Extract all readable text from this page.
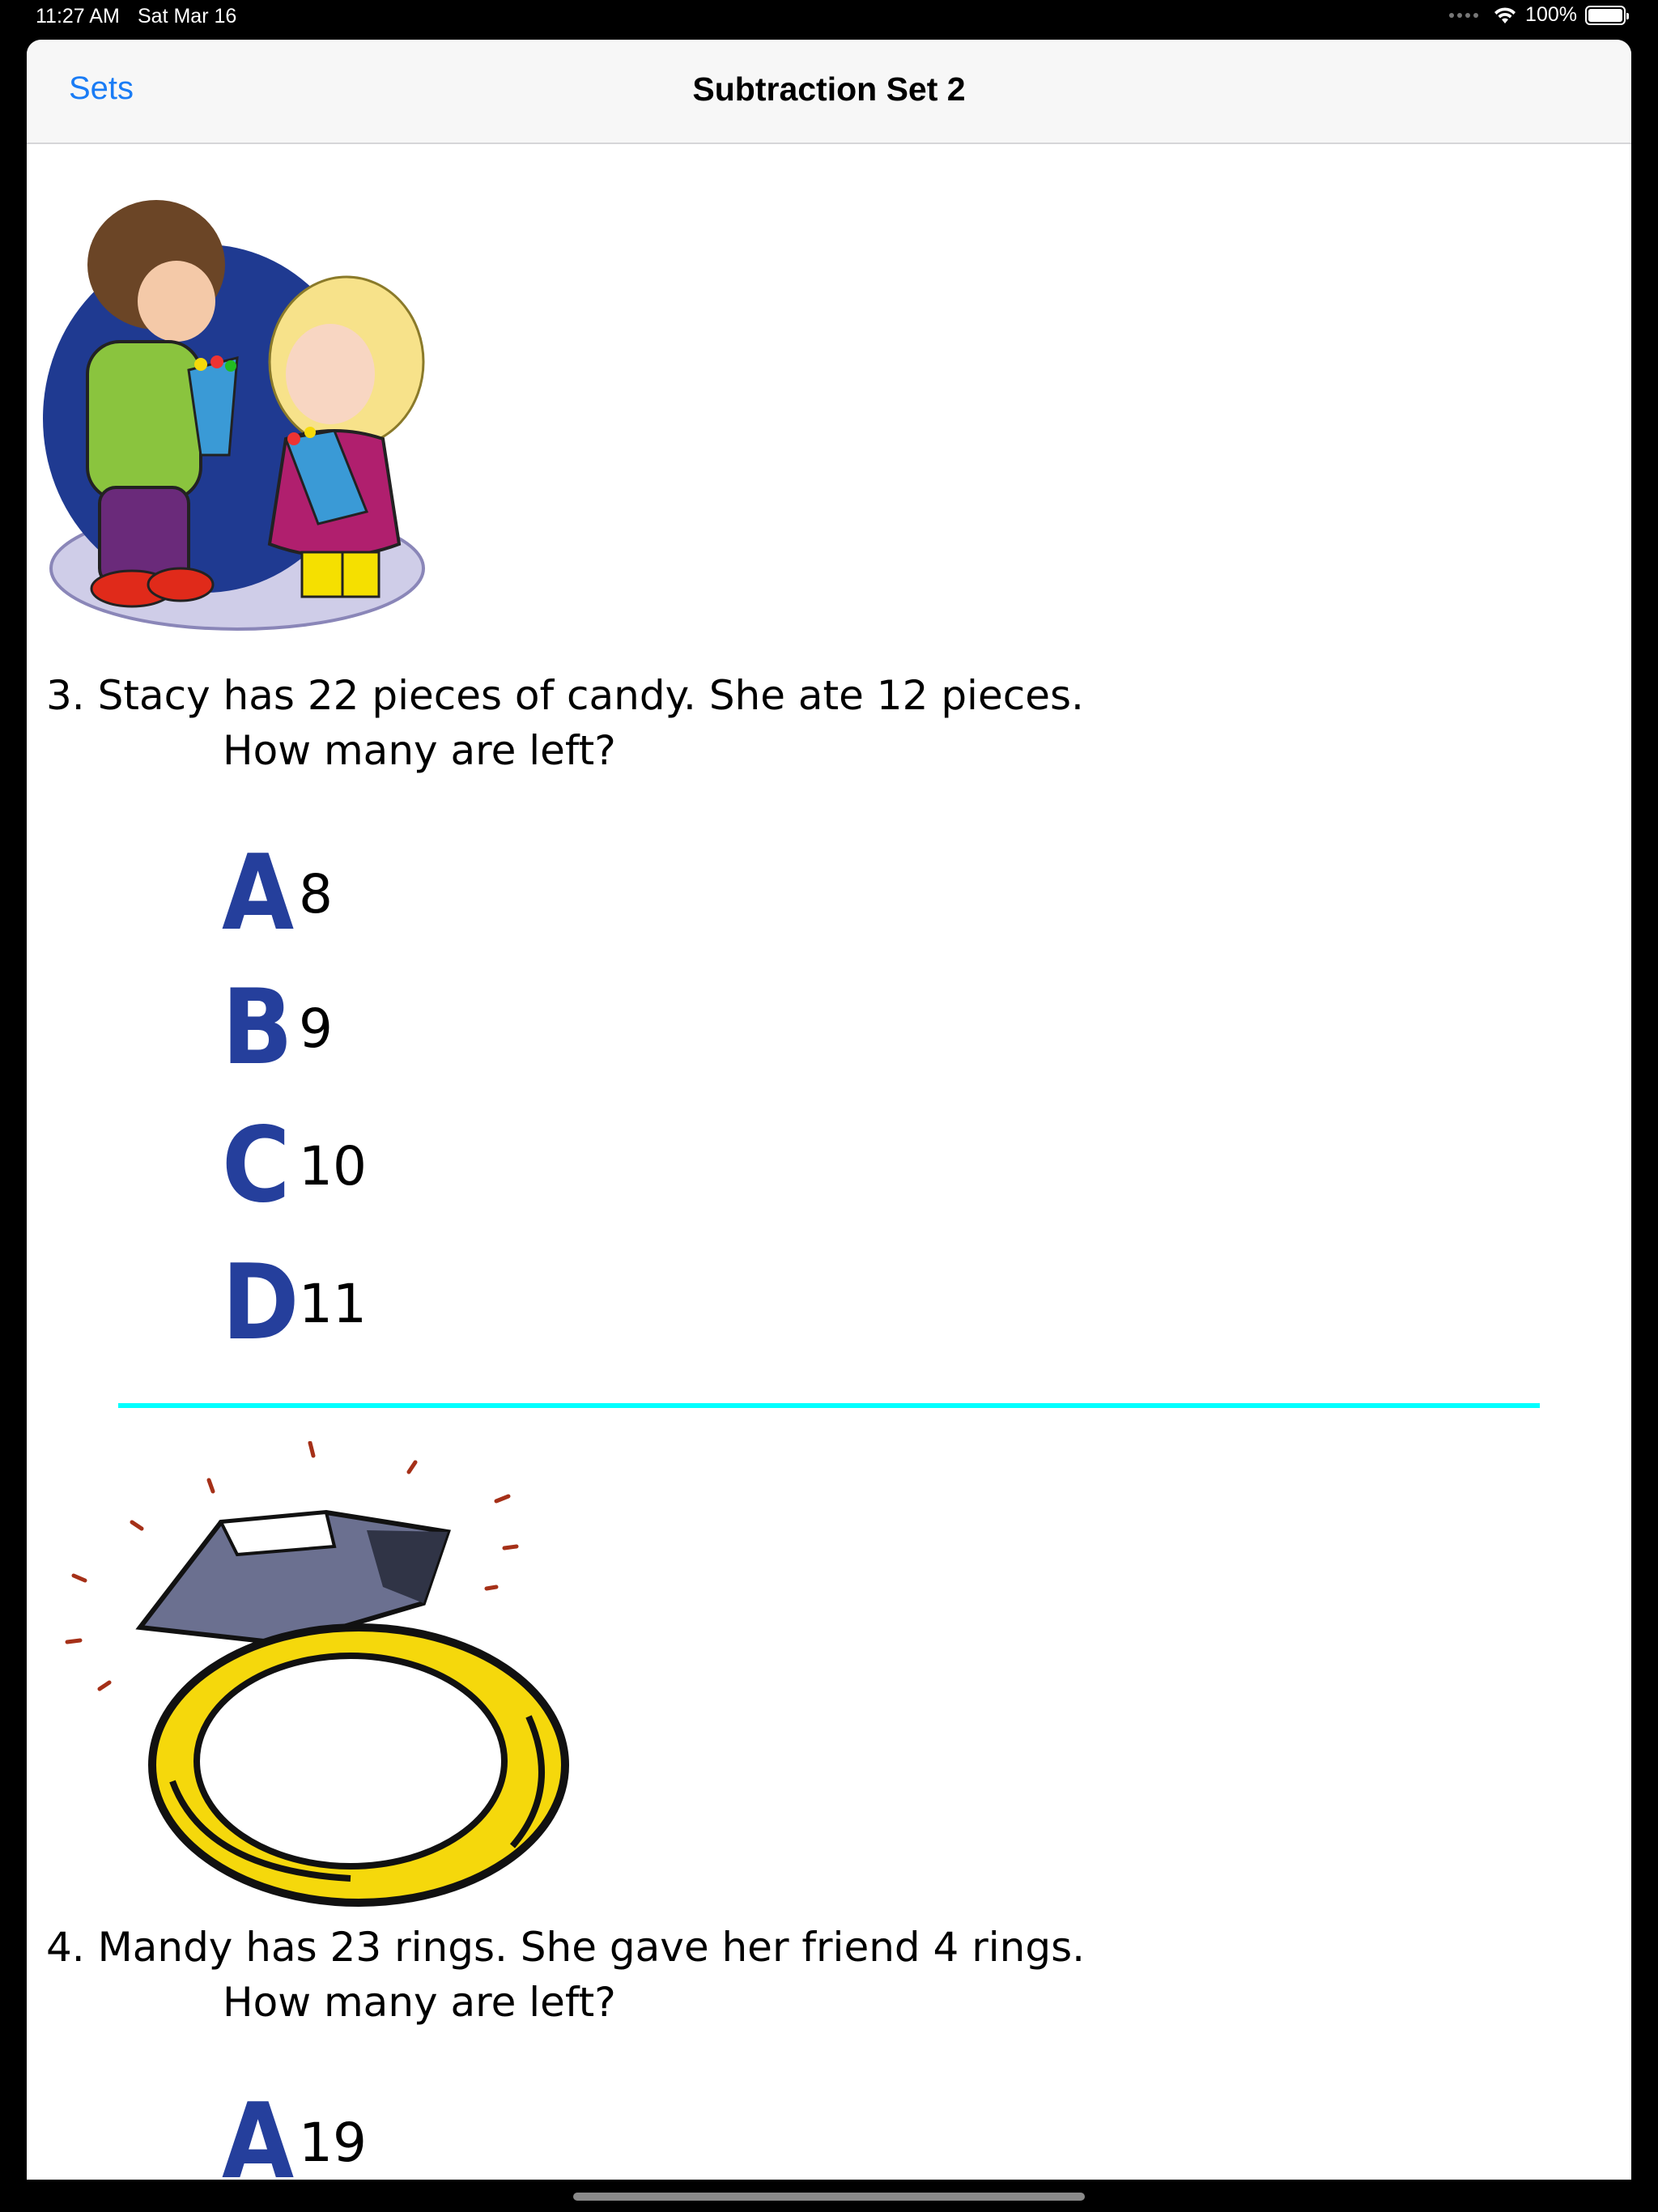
11:27 AM Sat Mar 16	100%
Sets	Subtraction Set 2
3. Stacy has 22 pieces of candy. She ate 12 pieces.
How many are left?
A 8
B 9
C 10
D 11
4. Mandy has 23 rings. She gave her friend 4 rings.
How many are left?
A 19
